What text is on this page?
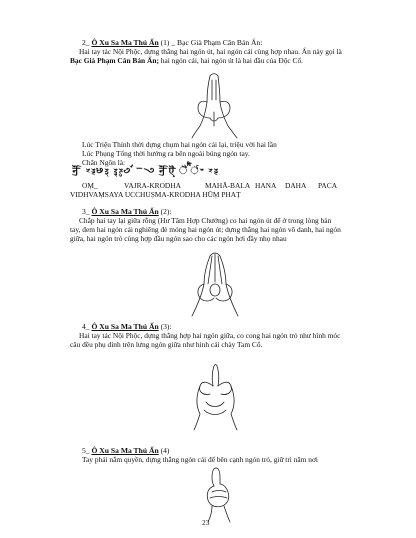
2_ Ô Xu Sa Ma Thủ Ấn (1) _ Bạc Già Phạm Căn Bản Ấn:
Hai tay tác Nội Phộc, dựng thẳng hai ngón út, hai ngón cái cùng hợp nhau. Ấn này gọi là Bạc Già Phạm Căn Bản Ấn; hai ngón cái, hai ngón út là hai đầu của Độc Cổ.
Lúc Triệu Thỉnh thời dựng chụm hai ngón cái lại, triệu vời hai lần
Lúc Phụng Tống thời hướng ra bên ngoài búng ngón tay.
Chân Ngôn là:
ꣽ ꣳꣴ꣸ꣵ ꣶꣷ꣹꣺ ꣻ꣼ ꣽꣾ ꣿ꣰ ꣱ꣲ ꣳꣴ
OṂ_	VAJRA-KRODHA	MAHĀ-BALA HANA DAHA PACA
VIDHVAṂSAYA UCCHUṢMA-KRODHA HŪṂ PHAṬ
3_ Ô Xu Sa Ma Thủ Ấn (2):
Chắp hai tay lại giữa rỗng (Hư Tâm Hợp Chưởng) co hai ngón út để ở trong lòng bàn tay, đem hai ngón cái nghiêng đè móng hai ngón út; dựng thẳng hai ngón vô danh, hai ngón giữa, hai ngón trỏ cùng hợp đầu ngón sao cho các ngón hơi đầy nhọ nhau
4_ Ô Xu Sa Ma Thủ Ấn (3):
Hai tay tác Nội Phộc, dựng thẳng hợp hai ngón giữa, co cong hai ngón trỏ như hình móc câu đều phụ dính trên lưng ngón giữa như hình cái chày Tam Cổ.
5_ Ô Xu Sa Ma Thủ Ấn (4)
Tay phải nắm quyền, dựng thẳng ngón cái để bên cạnh ngón trỏ, giữ trì năm nơi
23
